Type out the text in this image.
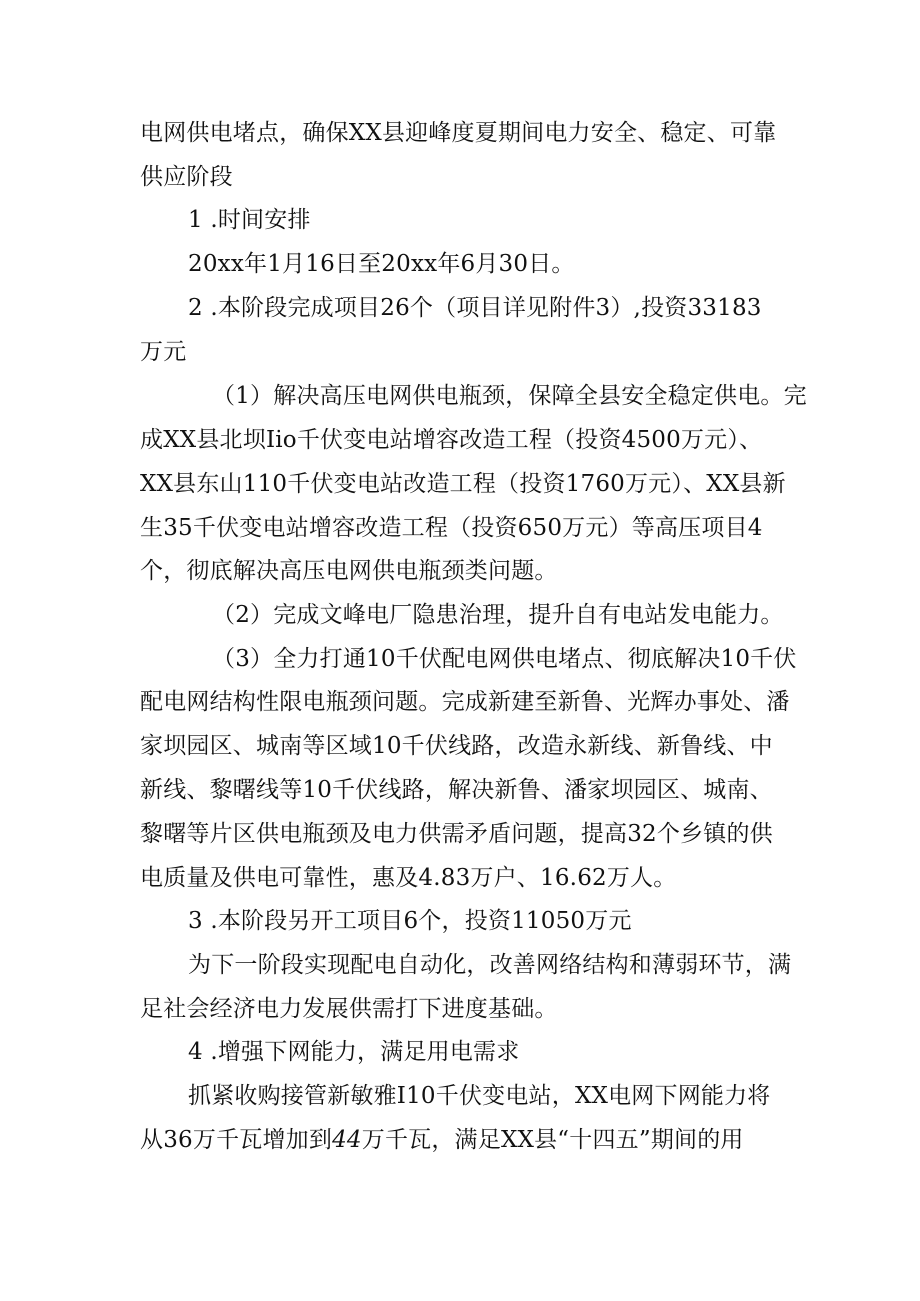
电网供电堵点，确保XX县迎峰度夏期间电力安全、稳定、可靠
供应阶段
1 .时间安排
20xx年1月16日至20xx年6月30日。
2 .本阶段完成项目26个（项目详见附件3）,投资33183
万元
（1）解决高压电网供电瓶颈，保障全县安全稳定供电。完
成XX县北坝Iio千伏变电站增容改造工程（投资4500万元）、
XX县东山110千伏变电站改造工程（投资1760万元）、XX县新
生35千伏变电站增容改造工程（投资650万元）等高压项目4
个，彻底解决高压电网供电瓶颈类问题。
（2）完成文峰电厂隐患治理，提升自有电站发电能力。
（3）全力打通10千伏配电网供电堵点、彻底解决10千伏
配电网结构性限电瓶颈问题。完成新建至新鲁、光辉办事处、潘
家坝园区、城南等区域10千伏线路，改造永新线、新鲁线、中
新线、黎曙线等10千伏线路，解决新鲁、潘家坝园区、城南、
黎曙等片区供电瓶颈及电力供需矛盾问题，提高32个乡镇的供
电质量及供电可靠性，惠及4.83万户、16.62万人。
3 .本阶段另开工项目6个，投资11050万元
为下一阶段实现配电自动化，改善网络结构和薄弱环节，满
足社会经济电力发展供需打下进度基础。
4 .增强下网能力，满足用电需求
抓紧收购接管新敏雅I10千伏变电站，XX电网下网能力将
从36万千瓦增加到44万千瓦，满足XX县“十四五”期间的用
